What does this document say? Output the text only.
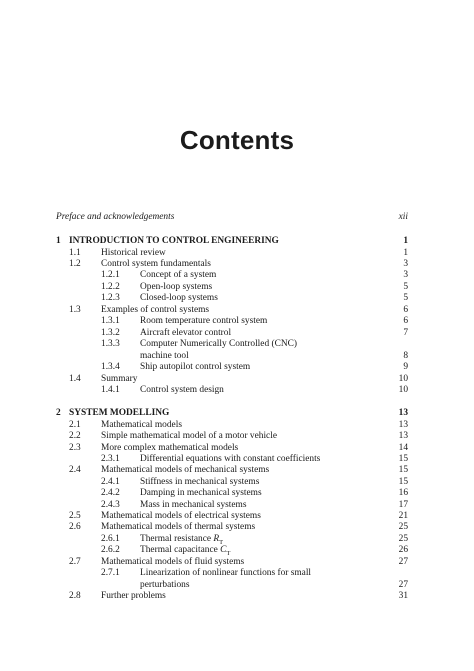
Contents
Preface and acknowledgements	xii
1 INTRODUCTION TO CONTROL ENGINEERING	1
1.1 Historical review	1
1.2 Control system fundamentals	3
1.2.1 Concept of a system	3
1.2.2 Open-loop systems	5
1.2.3 Closed-loop systems	5
1.3 Examples of control systems	6
1.3.1 Room temperature control system	6
1.3.2 Aircraft elevator control	7
1.3.3 Computer Numerically Controlled (CNC)
machine tool	8
1.3.4 Ship autopilot control system	9
1.4 Summary	10
1.4.1 Control system design	10
2 SYSTEM MODELLING	13
2.1 Mathematical models	13
2.2 Simple mathematical model of a motor vehicle	13
2.3 More complex mathematical models	14
2.3.1 Differential equations with constant coefficients	15
2.4 Mathematical models of mechanical systems	15
2.4.1 Stiffness in mechanical systems	15
2.4.2 Damping in mechanical systems	16
2.4.3 Mass in mechanical systems	17
2.5 Mathematical models of electrical systems	21
2.6 Mathematical models of thermal systems	25
2.6.1 Thermal resistance $R_T$	25
2.6.2 Thermal capacitance $C_T$	26
2.7 Mathematical models of fluid systems	27
2.7.1 Linearization of nonlinear functions for small
perturbations	27
2.8 Further problems	31
